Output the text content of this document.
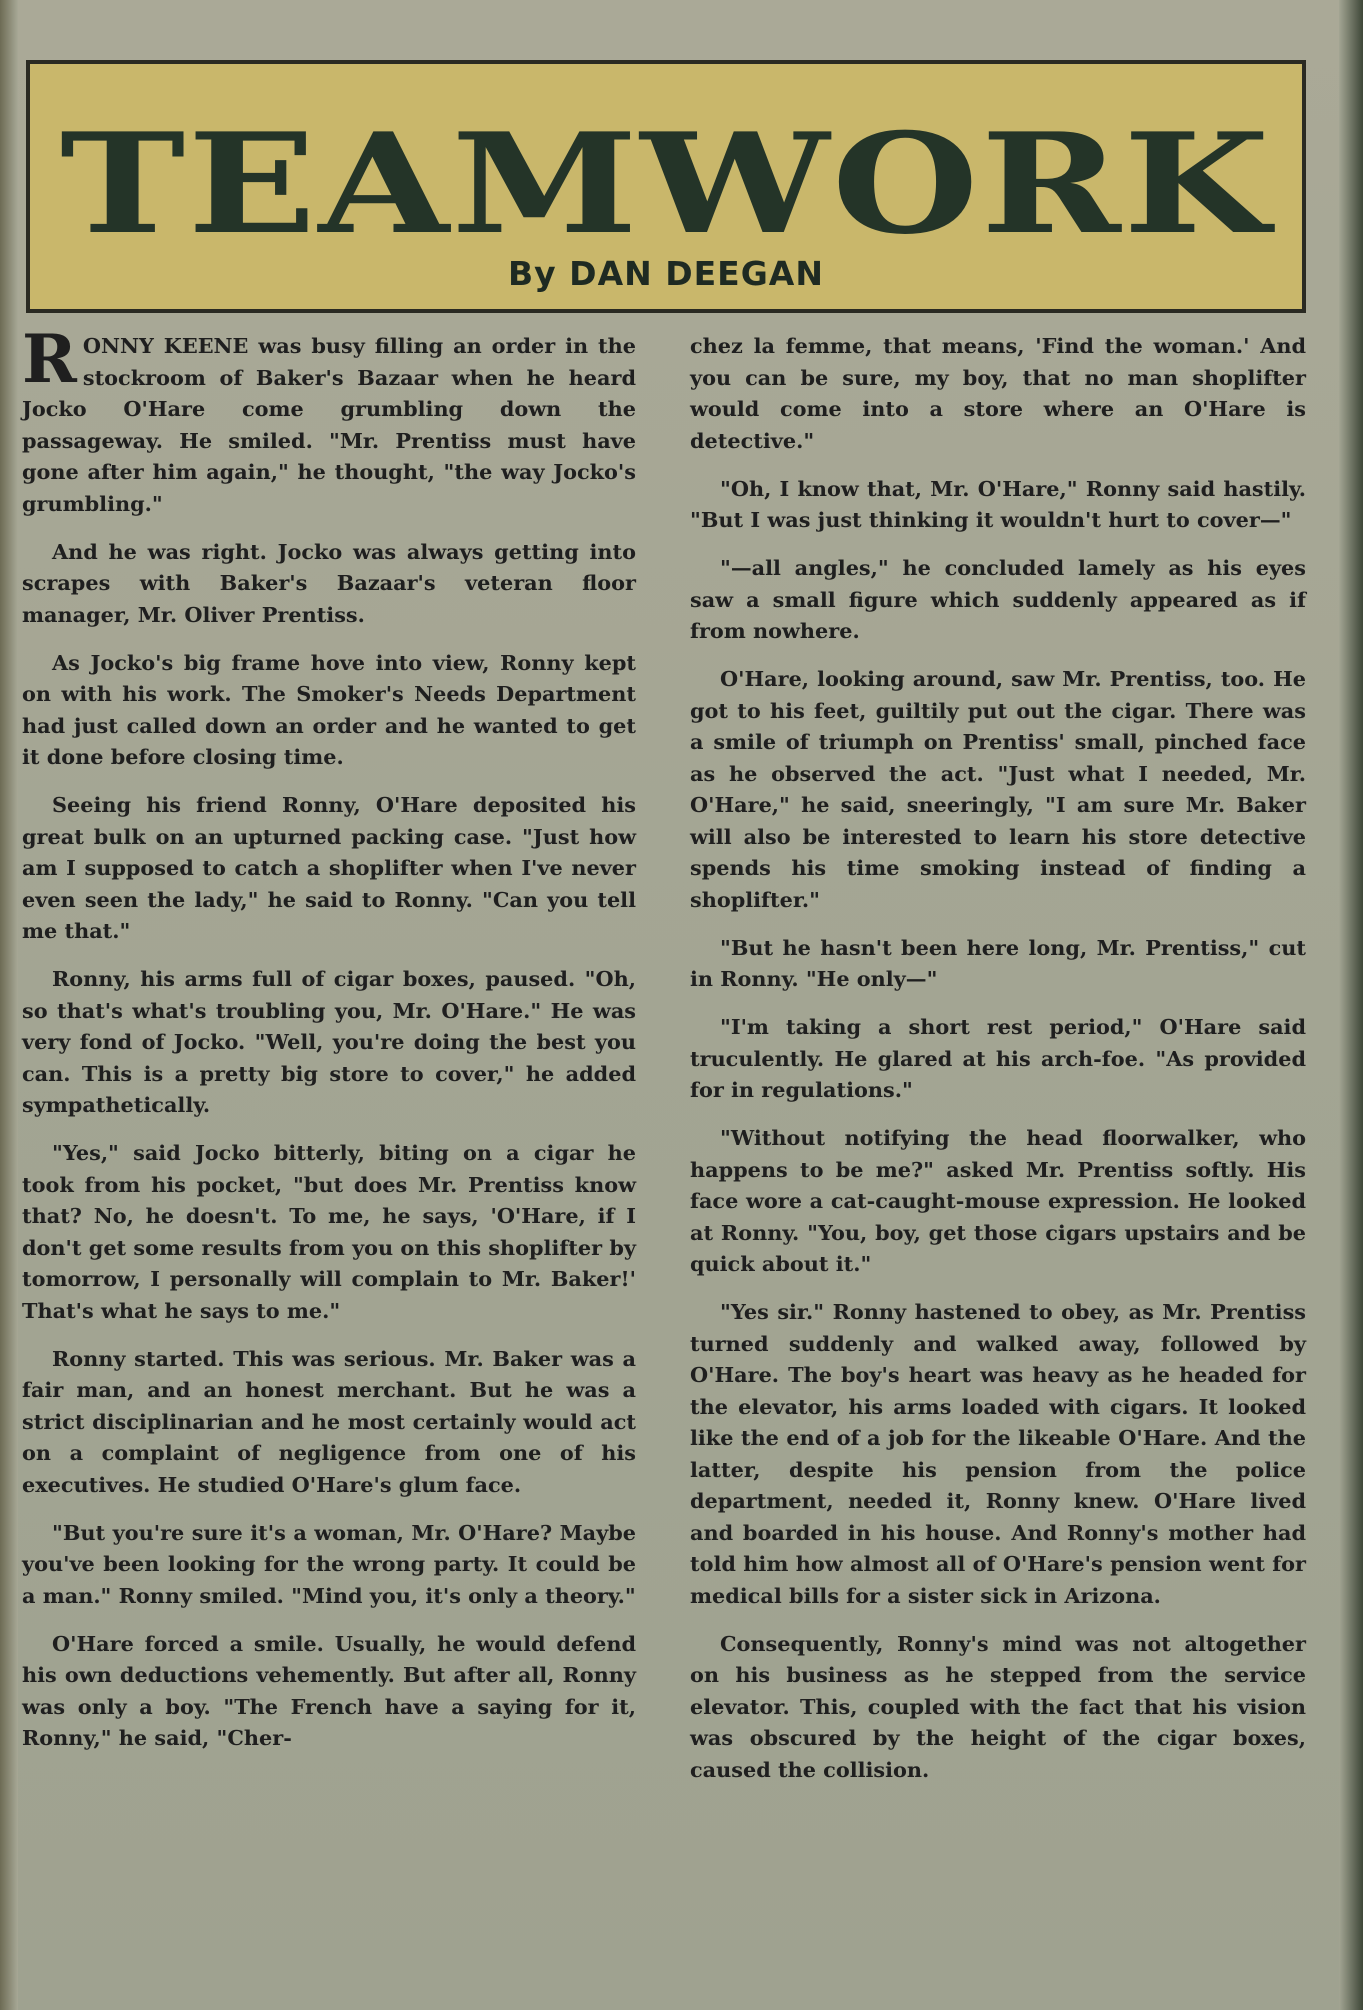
TEAMWORK
By DAN DEEGAN

RONNY KEENE was busy filling an order in the stockroom of Baker's Bazaar when he heard Jocko O'Hare come grumbling down the passageway. He smiled. "Mr. Prentiss must have gone after him again," he thought, "the way Jocko's grumbling."

And he was right. Jocko was always getting into scrapes with Baker's Bazaar's veteran floor manager, Mr. Oliver Prentiss.

As Jocko's big frame hove into view, Ronny kept on with his work. The Smoker's Needs Department had just called down an order and he wanted to get it done before closing time.

Seeing his friend Ronny, O'Hare deposited his great bulk on an upturned packing case. "Just how am I supposed to catch a shoplifter when I've never even seen the lady," he said to Ronny. "Can you tell me that."

Ronny, his arms full of cigar boxes, paused. "Oh, so that's what's troubling you, Mr. O'Hare." He was very fond of Jocko. "Well, you're doing the best you can. This is a pretty big store to cover," he added sympathetically.

"Yes," said Jocko bitterly, biting on a cigar he took from his pocket, "but does Mr. Prentiss know that? No, he doesn't. To me, he says, 'O'Hare, if I don't get some results from you on this shoplifter by tomorrow, I personally will complain to Mr. Baker!' That's what he says to me."

Ronny started. This was serious. Mr. Baker was a fair man, and an honest merchant. But he was a strict disciplinarian and he most certainly would act on a complaint of negligence from one of his executives. He studied O'Hare's glum face.

"But you're sure it's a woman, Mr. O'Hare? Maybe you've been looking for the wrong party. It could be a man." Ronny smiled. "Mind you, it's only a theory."

O'Hare forced a smile. Usually, he would defend his own deductions vehemently. But after all, Ronny was only a boy. "The French have a saying for it, Ronny," he said, "Cher-

chez la femme, that means, 'Find the woman.' And you can be sure, my boy, that no man shoplifter would come into a store where an O'Hare is detective."

"Oh, I know that, Mr. O'Hare," Ronny said hastily. "But I was just thinking it wouldn't hurt to cover—"

"—all angles," he concluded lamely as his eyes saw a small figure which suddenly appeared as if from nowhere.

O'Hare, looking around, saw Mr. Prentiss, too. He got to his feet, guiltily put out the cigar. There was a smile of triumph on Prentiss' small, pinched face as he observed the act. "Just what I needed, Mr. O'Hare," he said, sneeringly, "I am sure Mr. Baker will also be interested to learn his store detective spends his time smoking instead of finding a shoplifter."

"But he hasn't been here long, Mr. Prentiss," cut in Ronny. "He only—"

"I'm taking a short rest period," O'Hare said truculently. He glared at his arch-foe. "As provided for in regulations."

"Without notifying the head floorwalker, who happens to be me?" asked Mr. Prentiss softly. His face wore a cat-caught-mouse expression. He looked at Ronny. "You, boy, get those cigars upstairs and be quick about it."

"Yes sir." Ronny hastened to obey, as Mr. Prentiss turned suddenly and walked away, followed by O'Hare. The boy's heart was heavy as he headed for the elevator, his arms loaded with cigars. It looked like the end of a job for the likeable O'Hare. And the latter, despite his pension from the police department, needed it, Ronny knew. O'Hare lived and boarded in his house. And Ronny's mother had told him how almost all of O'Hare's pension went for medical bills for a sister sick in Arizona.

Consequently, Ronny's mind was not altogether on his business as he stepped from the service elevator. This, coupled with the fact that his vision was obscured by the height of the cigar boxes, caused the collision.
